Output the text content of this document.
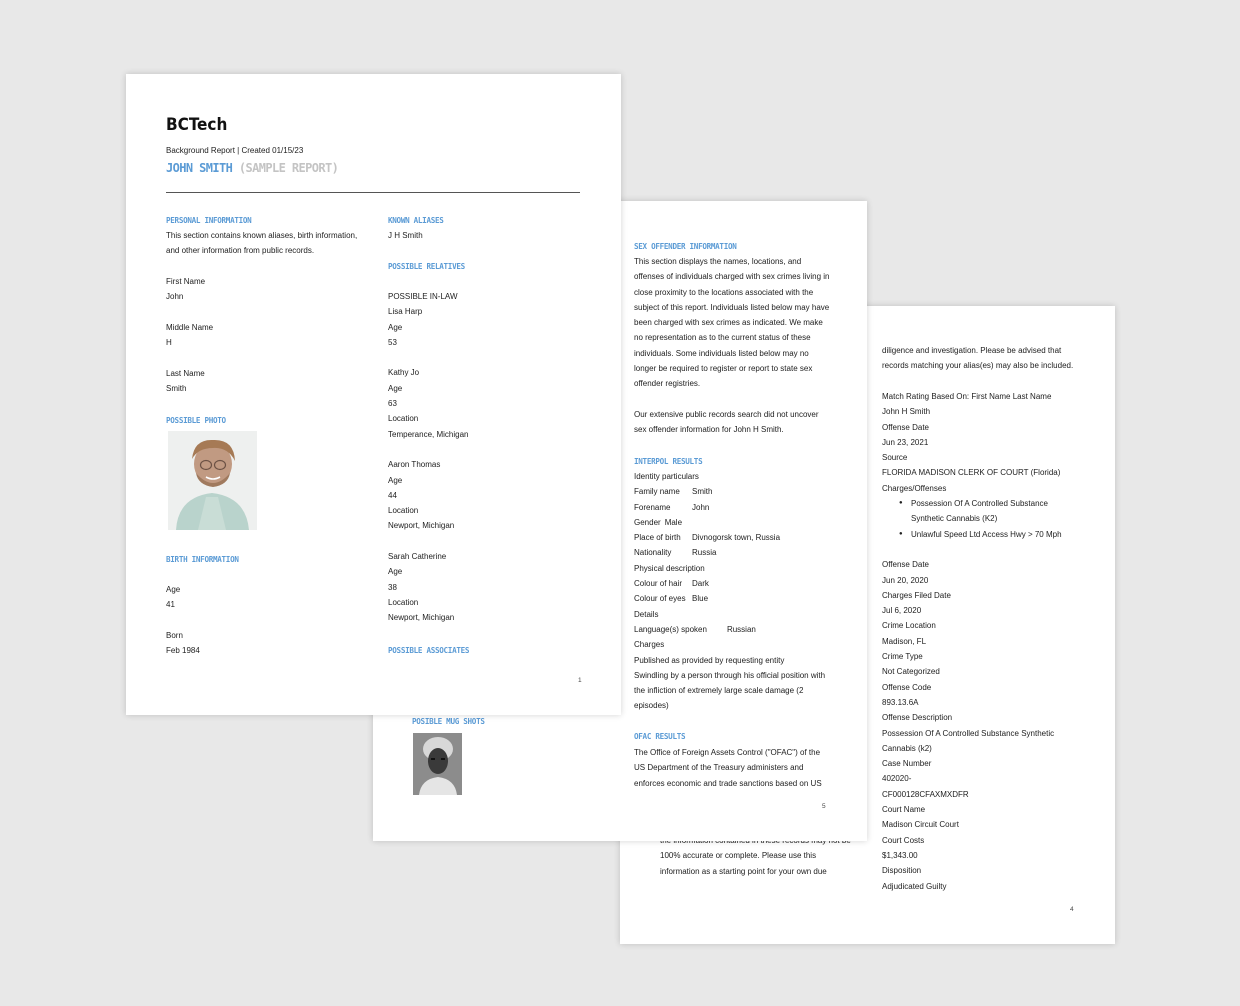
diligence and investigation. Please be advised that
records matching your alias(es) may also be included.
Match Rating Based On: First Name Last Name
John H Smith
Offense Date
Jun 23, 2021
Source
FLORIDA MADISON CLERK OF COURT (Florida)
Charges/Offenses
● Possession Of A Controlled Substance
Synthetic Cannabis (K2)
● Unlawful Speed Ltd Access Hwy > 70 Mph
Offense Date
Jun 20, 2020
Charges Filed Date
Jul 6, 2020
Crime Location
Madison, FL
Crime Type
Not Categorized
Offense Code
893.13.6A
Offense Description
Possession Of A Controlled Substance Synthetic
Cannabis (k2)
Case Number
402020-
CF000128CFAXMXDFR
Court Name
Madison Circuit Court
Court Costs
$1,343.00
Disposition
Adjudicated Guilty
100% accurate or complete. Please use this
information as a starting point for your own due
4
SEX OFFENDER INFORMATION
This section displays the names, locations, and
offenses of individuals charged with sex crimes living in
close proximity to the locations associated with the
subject of this report. Individuals listed below may have
been charged with sex crimes as indicated. We make
no representation as to the current status of these
individuals. Some individuals listed below may no
longer be required to register or report to state sex
offender registries.
Our extensive public records search did not uncover
sex offender information for John H Smith.
INTERPOL RESULTS
Identity particulars
Family name Smith
Forename	John
Gender Male
Place of birth Divnogorsk town, Russia
Nationality	Russia
Physical description
Colour of hair Dark
Colour of eyes Blue
Details
Language(s) spoken	Russian
Charges
Published as provided by requesting entity
Swindling by a person through his official position with
the infliction of extremely large scale damage (2
episodes)
OFAC RESULTS
The Office of Foreign Assets Control ("OFAC") of the
US Department of the Treasury administers and
enforces economic and trade sanctions based on US
POSIBLE MUG SHOTS
5
BCTech
Background Report | Created 01/15/23
JOHN SMITH (SAMPLE REPORT)
PERSONAL INFORMATION
This section contains known aliases, birth information,
and other information from public records.
First Name
John
Middle Name
H
Last Name
Smith
POSSIBLE PHOTO
BIRTH INFORMATION
Age
41
Born
Feb 1984
KNOWN ALIASES
J H Smith
POSSIBLE RELATIVES
POSSIBLE IN-LAW
Lisa Harp
Age
53
Kathy Jo
Age
63
Location
Temperance, Michigan
Aaron Thomas
Age
44
Location
Newport, Michigan
Sarah Catherine
Age
38
Location
Newport, Michigan
POSSIBLE ASSOCIATES
1
